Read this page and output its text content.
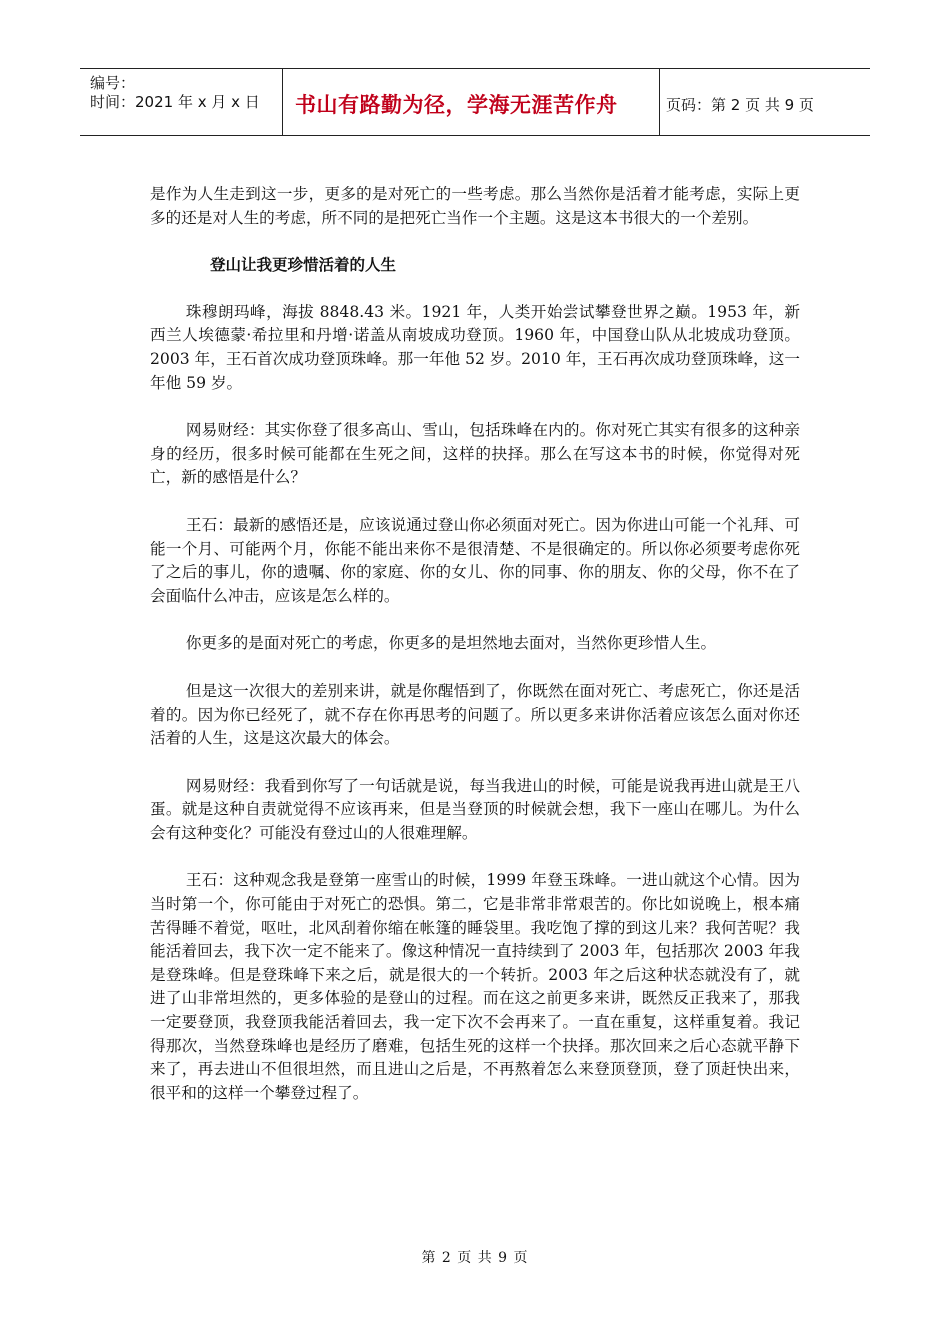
编号：
时间：2021 年 x 月 x 日 书山有路勤为径，学海无涯苦作舟	页码：第 2 页 共 9 页

是作为人生走到这一步，更多的是对死亡的一些考虑。那么当然你是活着才能考虑，实际上更多的还是对人生的考虑，所不同的是把死亡当作一个主题。这是这本书很大的一个差别。

登山让我更珍惜活着的人生

珠穆朗玛峰，海拔 8848.43 米。1921 年，人类开始尝试攀登世界之巅。1953 年，新西兰人埃德蒙·希拉里和丹增·诺盖从南坡成功登顶。1960 年，中国登山队从北坡成功登顶。2003 年，王石首次成功登顶珠峰。那一年他 52 岁。2010 年，王石再次成功登顶珠峰，这一年他 59 岁。

网易财经：其实你登了很多高山、雪山，包括珠峰在内的。你对死亡其实有很多的这种亲身的经历，很多时候可能都在生死之间，这样的抉择。那么在写这本书的时候，你觉得对死亡，新的感悟是什么？

王石：最新的感悟还是，应该说通过登山你必须面对死亡。因为你进山可能一个礼拜、可能一个月、可能两个月，你能不能出来你不是很清楚、不是很确定的。所以你必须要考虑你死了之后的事儿，你的遗嘱、你的家庭、你的女儿、你的同事、你的朋友、你的父母，你不在了会面临什么冲击，应该是怎么样的。

你更多的是面对死亡的考虑，你更多的是坦然地去面对，当然你更珍惜人生。

但是这一次很大的差别来讲，就是你醒悟到了，你既然在面对死亡、考虑死亡，你还是活着的。因为你已经死了，就不存在你再思考的问题了。所以更多来讲你活着应该怎么面对你还活着的人生，这是这次最大的体会。

网易财经：我看到你写了一句话就是说，每当我进山的时候，可能是说我再进山就是王八蛋。就是这种自责就觉得不应该再来，但是当登顶的时候就会想，我下一座山在哪儿。为什么会有这种变化？可能没有登过山的人很难理解。

王石：这种观念我是登第一座雪山的时候，1999 年登玉珠峰。一进山就这个心情。因为当时第一个，你可能由于对死亡的恐惧。第二，它是非常非常艰苦的。你比如说晚上，根本痛苦得睡不着觉，呕吐，北风刮着你缩在帐篷的睡袋里。我吃饱了撑的到这儿来？我何苦呢？我能活着回去，我下次一定不能来了。像这种情况一直持续到了 2003 年，包括那次 2003 年我是登珠峰。但是登珠峰下来之后，就是很大的一个转折。2003 年之后这种状态就没有了，就进了山非常坦然的，更多体验的是登山的过程。而在这之前更多来讲，既然反正我来了，那我一定要登顶，我登顶我能活着回去，我一定下次不会再来了。一直在重复，这样重复着。我记得那次，当然登珠峰也是经历了磨难，包括生死的这样一个抉择。那次回来之后心态就平静下来了，再去进山不但很坦然，而且进山之后是，不再熬着怎么来登顶登顶，登了顶赶快出来，很平和的这样一个攀登过程了。

第 2 页 共 9 页
